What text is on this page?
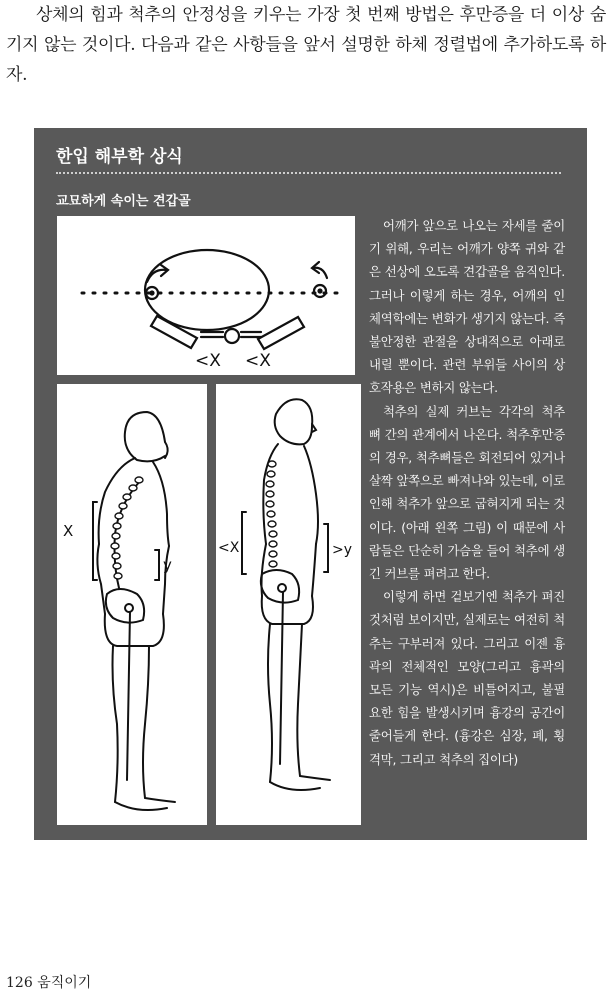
상체의 힘과 척추의 안정성을 키우는 가장 첫 번째 방법은 후만증을 더 이상 숨기지 않는 것이다. 다음과 같은 사항들을 앞서 설명한 하체 정렬법에 추가하도록 하자.

한입 해부학 상식
교묘하게 속이는 견갑골
<X <X
X
y
<X	>y

어깨가 앞으로 나오는 자세를 줄이기 위해, 우리는 어깨가 양쪽 귀와 같은 선상에 오도록 견갑골을 움직인다. 그러나 이렇게 하는 경우, 어깨의 인체역학에는 변화가 생기지 않는다. 즉 불안정한 관절을 상대적으로 아래로 내릴 뿐이다. 관련 부위들 사이의 상호작용은 변하지 않는다.

척추의 실제 커브는 각각의 척추 뼈 간의 관계에서 나온다. 척추후만증의 경우, 척추뼈들은 회전되어 있거나 살짝 앞쪽으로 빠져나와 있는데, 이로 인해 척추가 앞으로 굽혀지게 되는 것이다. (아래 왼쪽 그림) 이 때문에 사람들은 단순히 가슴을 들어 척추에 생긴 커브를 펴려고 한다.

이렇게 하면 겉보기엔 척추가 펴진 것처럼 보이지만, 실제로는 여전히 척추는 구부러져 있다. 그리고 이젠 흉곽의 전체적인 모양(그리고 흉곽의 모든 기능 역시)은 비틀어지고, 불필요한 힘을 발생시키며 흉강의 공간이 줄어들게 한다. (흉강은 심장, 폐, 횡격막, 그리고 척추의 집이다)

126 움직이기
